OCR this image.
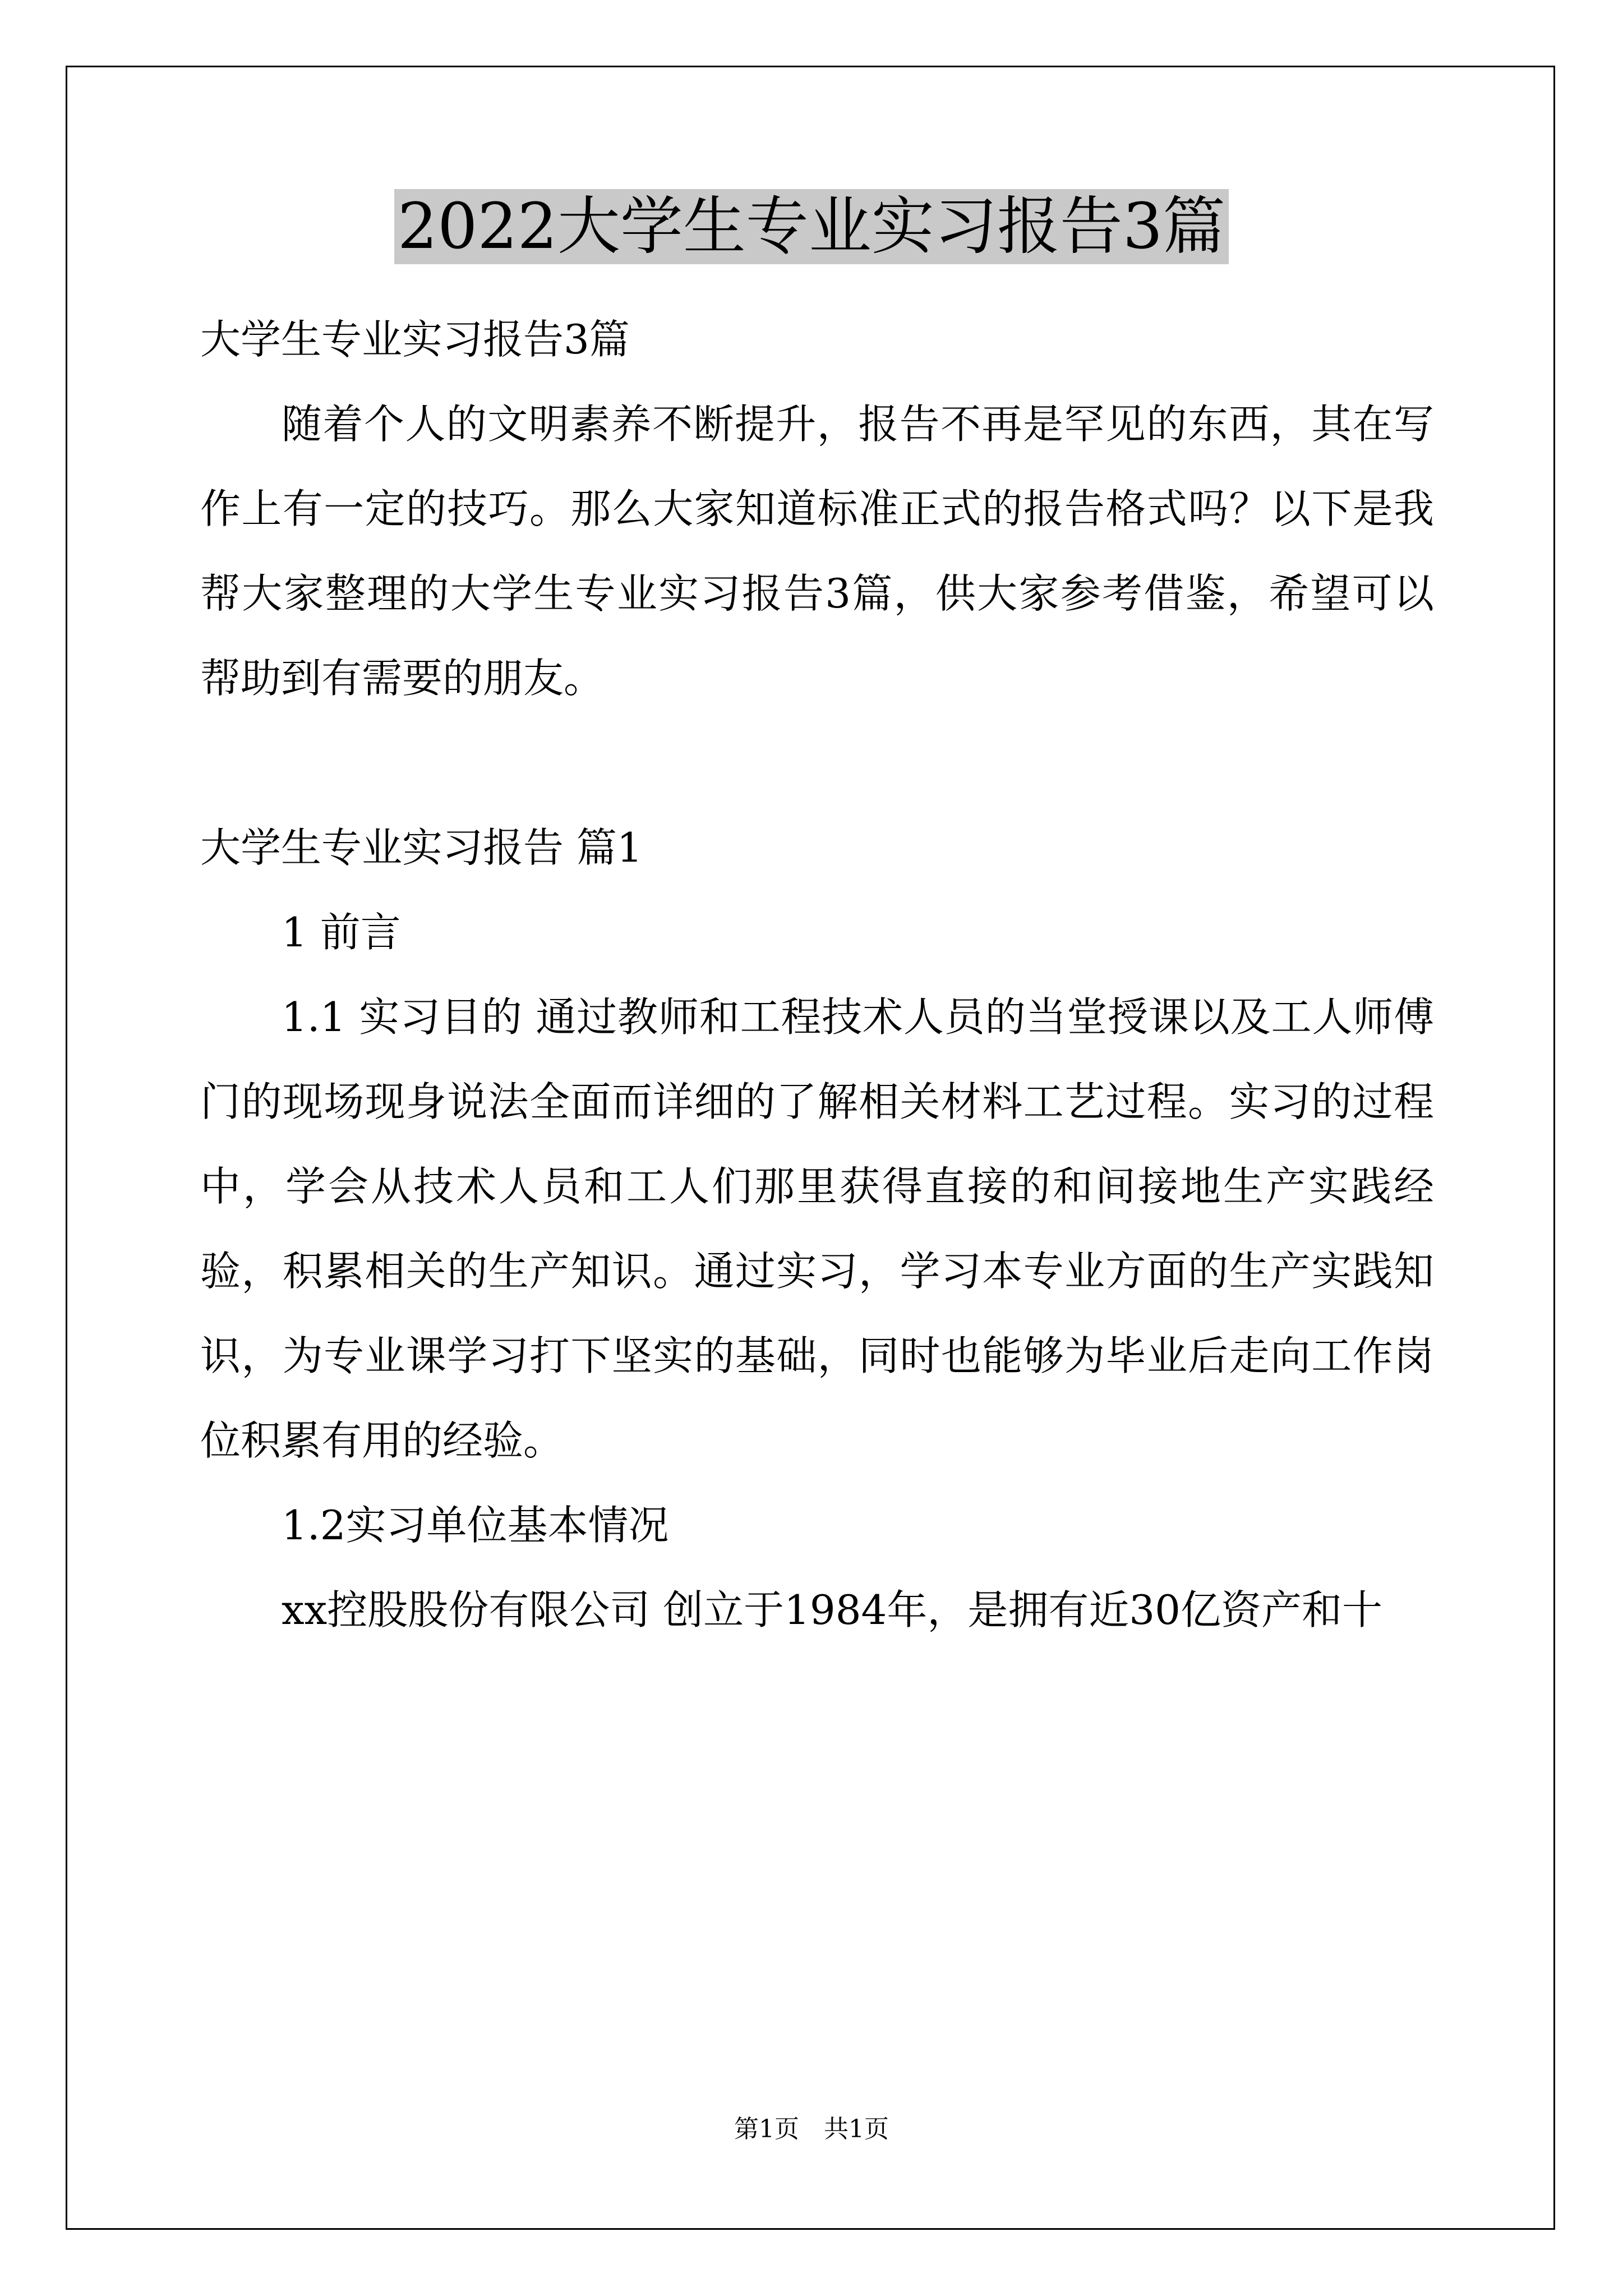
2022大学生专业实习报告3篇

大学生专业实习报告3篇

随着个人的文明素养不断提升，报告不再是罕见的东西，其在写作上有一定的技巧。那么大家知道标准正式的报告格式吗？以下是我帮大家整理的大学生专业实习报告3篇，供大家参考借鉴，希望可以帮助到有需要的朋友。

大学生专业实习报告 篇1

1 前言

1.1 实习目的 通过教师和工程技术人员的当堂授课以及工人师傅门的现场现身说法全面而详细的了解相关材料工艺过程。实习的过程中，学会从技术人员和工人们那里获得直接的和间接地生产实践经验，积累相关的生产知识。通过实习，学习本专业方面的生产实践知识，为专业课学习打下坚实的基础，同时也能够为毕业后走向工作岗位积累有用的经验。

1.2实习单位基本情况

xx控股股份有限公司 创立于1984年，是拥有近30亿资产和十

第1页　共1页
